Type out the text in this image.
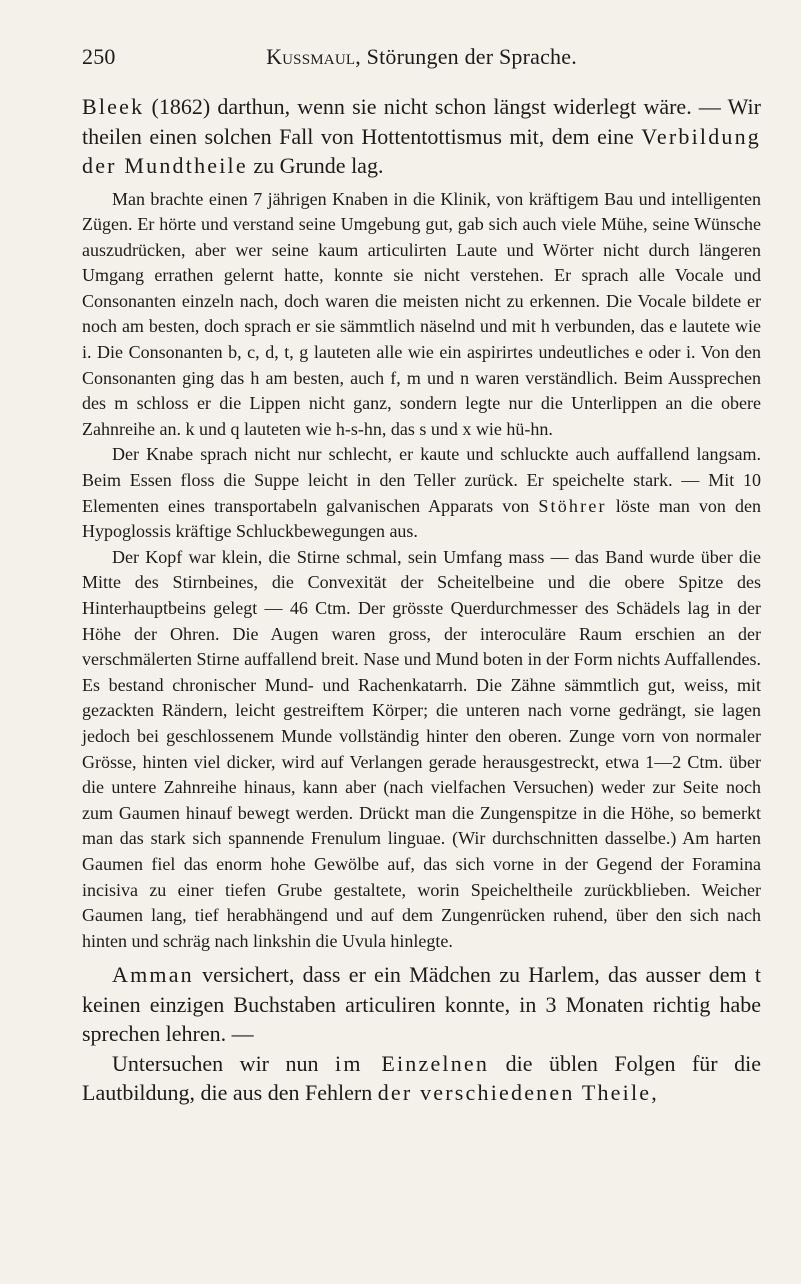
250	Kussmaul, Störungen der Sprache.

Bleek (1862) darthun, wenn sie nicht schon längst widerlegt wäre. — Wir theilen einen solchen Fall von Hottentottismus mit, dem eine Verbildung der Mundtheile zu Grunde lag.

Man brachte einen 7 jährigen Knaben in die Klinik, von kräftigem Bau und intelligenten Zügen. Er hörte und verstand seine Umgebung gut, gab sich auch viele Mühe, seine Wünsche auszudrücken, aber wer seine kaum articulirten Laute und Wörter nicht durch längeren Umgang errathen gelernt hatte, konnte sie nicht verstehen. Er sprach alle Vocale und Consonanten einzeln nach, doch waren die meisten nicht zu erkennen. Die Vocale bildete er noch am besten, doch sprach er sie sämmtlich näselnd und mit h verbunden, das e lautete wie i. Die Consonanten b, c, d, t, g lauteten alle wie ein aspirirtes undeutliches e oder i. Von den Consonanten ging das h am besten, auch f, m und n waren verständlich. Beim Aussprechen des m schloss er die Lippen nicht ganz, sondern legte nur die Unterlippen an die obere Zahnreihe an. k und q lauteten wie h-s-hn, das s und x wie hü-hn.

Der Knabe sprach nicht nur schlecht, er kaute und schluckte auch auffallend langsam. Beim Essen floss die Suppe leicht in den Teller zurück. Er speichelte stark. — Mit 10 Elementen eines transportabeln galvanischen Apparats von Stöhrer löste man von den Hypoglossis kräftige Schluckbewegungen aus.

Der Kopf war klein, die Stirne schmal, sein Umfang mass — das Band wurde über die Mitte des Stirnbeines, die Convexität der Scheitelbeine und die obere Spitze des Hinterhauptbeins gelegt — 46 Ctm. Der grösste Querdurchmesser des Schädels lag in der Höhe der Ohren. Die Augen waren gross, der interoculäre Raum erschien an der verschmälerten Stirne auffallend breit. Nase und Mund boten in der Form nichts Auffallendes. Es bestand chronischer Mund- und Rachenkatarrh. Die Zähne sämmtlich gut, weiss, mit gezackten Rändern, leicht gestreiftem Körper; die unteren nach vorne gedrängt, sie lagen jedoch bei geschlossenem Munde vollständig hinter den oberen. Zunge vorn von normaler Grösse, hinten viel dicker, wird auf Verlangen gerade herausgestreckt, etwa 1—2 Ctm. über die untere Zahnreihe hinaus, kann aber (nach vielfachen Versuchen) weder zur Seite noch zum Gaumen hinauf bewegt werden. Drückt man die Zungenspitze in die Höhe, so bemerkt man das stark sich spannende Frenulum linguae. (Wir durchschnitten dasselbe.) Am harten Gaumen fiel das enorm hohe Gewölbe auf, das sich vorne in der Gegend der Foramina incisiva zu einer tiefen Grube gestaltete, worin Speicheltheile zurückblieben. Weicher Gaumen lang, tief herabhängend und auf dem Zungenrücken ruhend, über den sich nach hinten und schräg nach linkshin die Uvula hinlegte.

Amman versichert, dass er ein Mädchen zu Harlem, das ausser dem t keinen einzigen Buchstaben articuliren konnte, in 3 Monaten richtig habe sprechen lehren. —

Untersuchen wir nun im Einzelnen die üblen Folgen für die Lautbildung, die aus den Fehlern der verschiedenen Theile,
